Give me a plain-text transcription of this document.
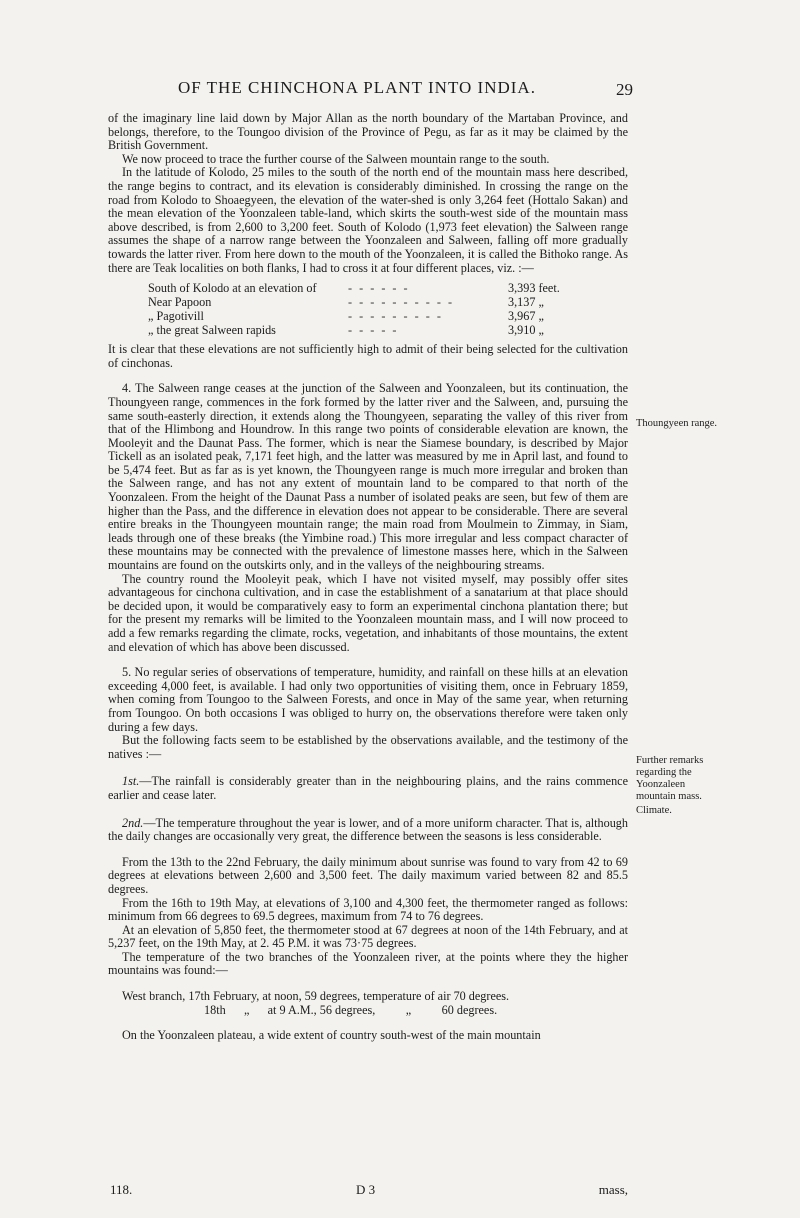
OF THE CHINCHONA PLANT INTO INDIA.	29

of the imaginary line laid down by Major Allan as the north boundary of the Martaban Province, and belongs, therefore, to the Toungoo division of the Province of Pegu, as far as it may be claimed by the British Government.

We now proceed to trace the further course of the Salween mountain range to the south.

In the latitude of Kolodo, 25 miles to the south of the north end of the mountain mass here described, the range begins to contract, and its elevation is considerably diminished. In crossing the range on the road from Kolodo to Shoaegyeen, the elevation of the water-shed is only 3,264 feet (Hottalo Sakan) and the mean elevation of the Yoonzaleen table-land, which skirts the south-west side of the mountain mass above described, is from 2,600 to 3,200 feet. South of Kolodo (1,973 feet elevation) the Salween range assumes the shape of a narrow range between the Yoonzaleen and Salween, falling off more gradually towards the latter river. From here down to the mouth of the Yoonzaleen, it is called the Bithoko range. As there are Teak localities on both flanks, I had to cross it at four different places, viz. :—

South of Kolodo at an elevation of	- - - - - -	3,393 feet.
Near Papoon	- - - - - - - - - -	3,137 „
„ Pagotivill	- - - - - - - - -	3,967 „
„ the great Salween rapids	- - - - -	3,910 „

It is clear that these elevations are not sufficiently high to admit of their being selected for the cultivation of cinchonas.

4. The Salween range ceases at the junction of the Salween and Yoonzaleen, but its continuation, the Thoungyeen range, commences in the fork formed by the latter river and the Salween, and, pursuing the same south-easterly direction, it extends along the Thoungyeen, separating the valley of this river from that of the Hlimbong and Houndrow. In this range two points of considerable elevation are known, the Mooleyit and the Daunat Pass. The former, which is near the Siamese boundary, is described by Major Tickell as an isolated peak, 7,171 feet high, and the latter was measured by me in April last, and found to be 5,474 feet. But as far as is yet known, the Thoungyeen range is much more irregular and broken than the Salween range, and has not any extent of mountain land to be compared to that north of the Yoonzaleen. From the height of the Daunat Pass a number of isolated peaks are seen, but few of them are higher than the Pass, and the difference in elevation does not appear to be considerable. There are several entire breaks in the Thoungyeen mountain range; the main road from Moulmein to Zimmay, in Siam, leads through one of these breaks (the Yimbine road.) This more irregular and less compact character of these mountains may be connected with the prevalence of limestone masses here, which in the Salween mountains are found on the outskirts only, and in the valleys of the neighbouring streams.

The country round the Mooleyit peak, which I have not visited myself, may possibly offer sites advantageous for cinchona cultivation, and in case the establishment of a sanatarium at that place should be decided upon, it would be comparatively easy to form an experimental cinchona plantation there; but for the present my remarks will be limited to the Yoonzaleen mountain mass, and I will now proceed to add a few remarks regarding the climate, rocks, vegetation, and inhabitants of those mountains, the extent and elevation of which has above been discussed.

5. No regular series of observations of temperature, humidity, and rainfall on these hills at an elevation exceeding 4,000 feet, is available. I had only two opportunities of visiting them, once in February 1859, when coming from Toungoo to the Salween Forests, and once in May of the same year, when returning from Toungoo. On both occasions I was obliged to hurry on, the observations therefore were taken only during a few days.

But the following facts seem to be established by the observations available, and the testimony of the natives :—

1st.—The rainfall is considerably greater than in the neighbouring plains, and the rains commence earlier and cease later.

2nd.—The temperature throughout the year is lower, and of a more uniform character. That is, although the daily changes are occasionally very great, the difference between the seasons is less considerable.

From the 13th to the 22nd February, the daily minimum about sunrise was found to vary from 42 to 69 degrees at elevations between 2,600 and 3,500 feet. The daily maximum varied between 82 and 85.5 degrees.

From the 16th to 19th May, at elevations of 3,100 and 4,300 feet, the thermometer ranged as follows: minimum from 66 degrees to 69.5 degrees, maximum from 74 to 76 degrees.

At an elevation of 5,850 feet, the thermometer stood at 67 degrees at noon of the 14th February, and at 5,237 feet, on the 19th May, at 2. 45 P.M. it was 73·75 degrees.

The temperature of the two branches of the Yoonzaleen river, at the points where they the higher mountains was found:—

West branch, 17th February, at noon, 59 degrees, temperature of air 70 degrees.

18th      „      at 9 A.M., 56 degrees,          „          60 degrees.

On the Yoonzaleen plateau, a wide extent of country south-west of the main mountain

Thoungyeen range.
Further remarks regarding the Yoonzaleen mountain mass.
Climate.
118.	D 3	mass,
